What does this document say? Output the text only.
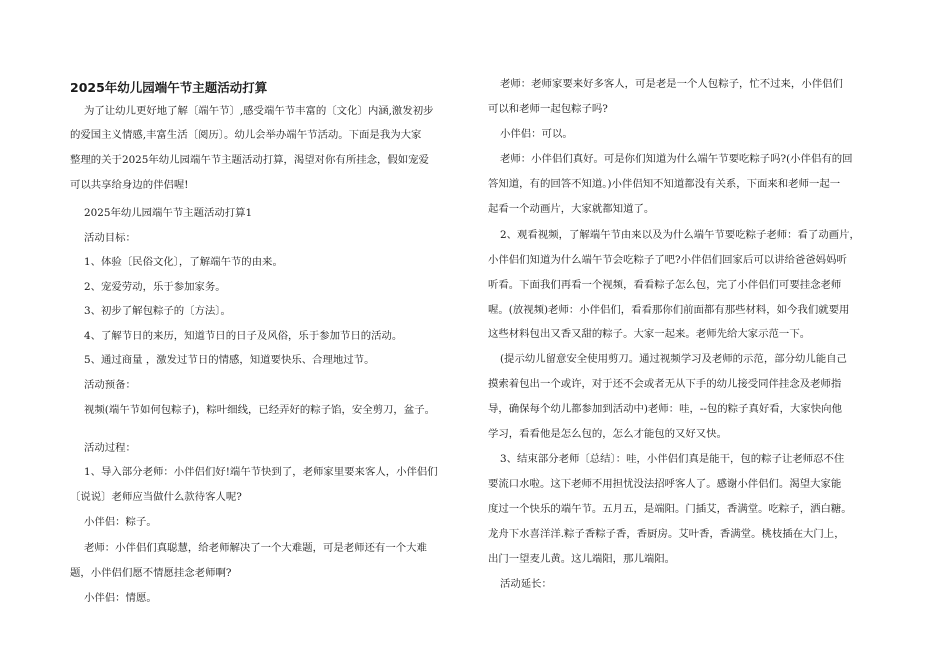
2025年幼儿园端午节主题活动打算

为了让幼儿更好地了解〔端午节〕,感受端午节丰富的〔文化〕内涵,激发初步

的爱国主义情感,丰富生活〔阅历〕。幼儿会举办端午节活动。下面是我为大家

整理的关于2025年幼儿园端午节主题活动打算，渴望对你有所挂念，假如宠爱

可以共享给身边的伴侣喔!

2025年幼儿园端午节主题活动打算1

活动目标：

1、体验〔民俗文化〕，了解端午节的由来。

2、宠爱劳动，乐于参加家务。

3、初步了解包粽子的〔方法〕。

4、了解节日的来历，知道节日的日子及风俗，乐于参加节日的活动。

5、通过商量 ，激发过节日的情感，知道要快乐、合理地过节。

活动预备：

视频(端午节如何包粽子)，粽叶细线，已经弄好的粽子馅，安全剪刀，盆子。

活动过程：

1、导入部分老师：小伴侣们好!端午节快到了，老师家里要来客人，小伴侣们

〔说说〕老师应当做什么款待客人呢?

小伴侣：粽子。

老师：小伴侣们真聪慧，给老师解决了一个大难题，可是老师还有一个大难

题，小伴侣们愿不情愿挂念老师啊?

小伴侣：情愿。

老师：老师家要来好多客人，可是老是一个人包粽子，忙不过来，小伴侣们

可以和老师一起包粽子吗?

小伴侣：可以。

老师：小伴侣们真好。可是你们知道为什么端午节要吃粽子吗?(小伴侣有的回

答知道，有的回答不知道。)小伴侣知不知道都没有关系，下面来和老师一起一

起看一个动画片，大家就都知道了。

2、观看视频，了解端午节由来以及为什么端午节要吃粽子老师：看了动画片，

小伴侣们知道为什么端午节会吃粽子了吧?小伴侣们回家后可以讲给爸爸妈妈听

听看。下面我们再看一个视频，看看粽子怎么包，完了小伴侣们可要挂念老师

喔。(放视频)老师：小伴侣们，看看那你们前面都有那些材料，如今我们就要用

这些材料包出又香又甜的粽子。大家一起来。老师先给大家示范一下。

(提示幼儿留意安全使用剪刀。通过视频学习及老师的示范，部分幼儿能自己

摸索着包出一个或许，对于还不会或者无从下手的幼儿接受同伴挂念及老师指

导，确保每个幼儿都参加到活动中)老师：哇，--包的粽子真好看，大家快向他

学习，看看他是怎么包的，怎么才能包的又好又快。

3、结束部分老师〔总结〕：哇，小伴侣们真是能干，包的粽子让老师忍不住

要流口水啦。这下老师不用担忧没法招呼客人了。感谢小伴侣们。渴望大家能

度过一个快乐的端午节。五月五，是端阳。门插艾，香满堂。吃粽子，洒白糖。

龙舟下水喜洋洋.粽子香粽子香，香厨房。艾叶香，香满堂。桃枝插在大门上，

出门一望麦儿黄。这儿端阳，那儿端阳。

活动延长：
